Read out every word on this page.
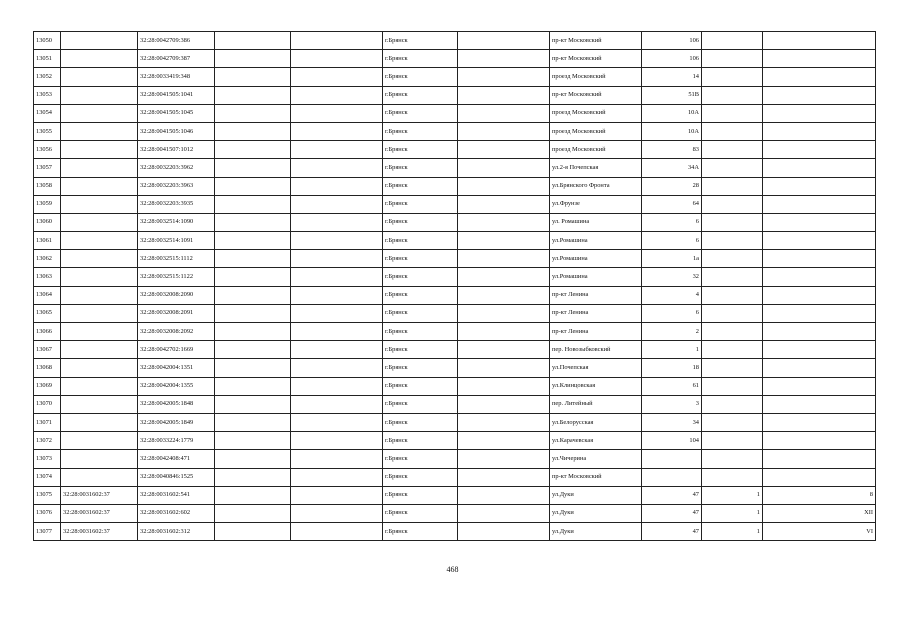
13050		32:28:0042709:386			г.Брянск		пр-кт Московский	106		
13051		32:28:0042709:387			г.Брянск		пр-кт Московский	106		
13052		32:28:0033419:348			г.Брянск		проезд Московский	14		
13053		32:28:0041505:1041			г.Брянск		пр-кт Московский	51В		
13054		32:28:0041505:1045			г.Брянск		проезд Московский	10А		
13055		32:28:0041505:1046			г.Брянск		проезд Московский	10А		
13056		32:28:0041507:1012			г.Брянск		проезд Московский	83		
13057		32:28:0032203:3962			г.Брянск		ул.2-я Почепская	34А		
13058		32:28:0032203:3963			г.Брянск		ул.Брянского Фронта	28		
13059		32:28:0032203:3935			г.Брянск		ул.Фрунзе	64		
13060		32:28:0032514:1090			г.Брянск		ул. Ромашина	6		
13061		32:28:0032514:1091			г.Брянск		ул.Ромашина	6		
13062		32:28:0032515:1112			г.Брянск		ул.Ромашина	1а		
13063		32:28:0032515:1122			г.Брянск		ул.Ромашина	32		
13064		32:28:0032008:2090			г.Брянск		пр-кт Ленина	4		
13065		32:28:0032008:2091			г.Брянск		пр-кт Ленина	6		
13066		32:28:0032008:2092			г.Брянск		пр-кт Ленина	2		
13067		32:28:0042702:1669			г.Брянск		пер. Новозыбковский	1		
13068		32:28:0042004:1351			г.Брянск		ул.Почепская	18		
13069		32:28:0042004:1355			г.Брянск		ул.Клинцовская	61		
13070		32:28:0042005:1848			г.Брянск		пер. Литейный	3		
13071		32:28:0042005:1849			г.Брянск		ул.Белорусская	34		
13072		32:28:0033224:1779			г.Брянск		ул.Карачевская	104		
13073		32:28:0042408:471			г.Брянск		ул.Чичерина			
13074		32:28:0040846:1525			г.Брянск		пр-кт Московский			
13075	32:28:0031602:37	32:28:0031602:541			г.Брянск		ул.Дуки	47	1	8
13076	32:28:0031602:37	32:28:0031602:602			г.Брянск		ул.Дуки	47	1	XII
13077	32:28:0031602:37	32:28:0031602:312			г.Брянск		ул.Дуки	47	1	VI
468
